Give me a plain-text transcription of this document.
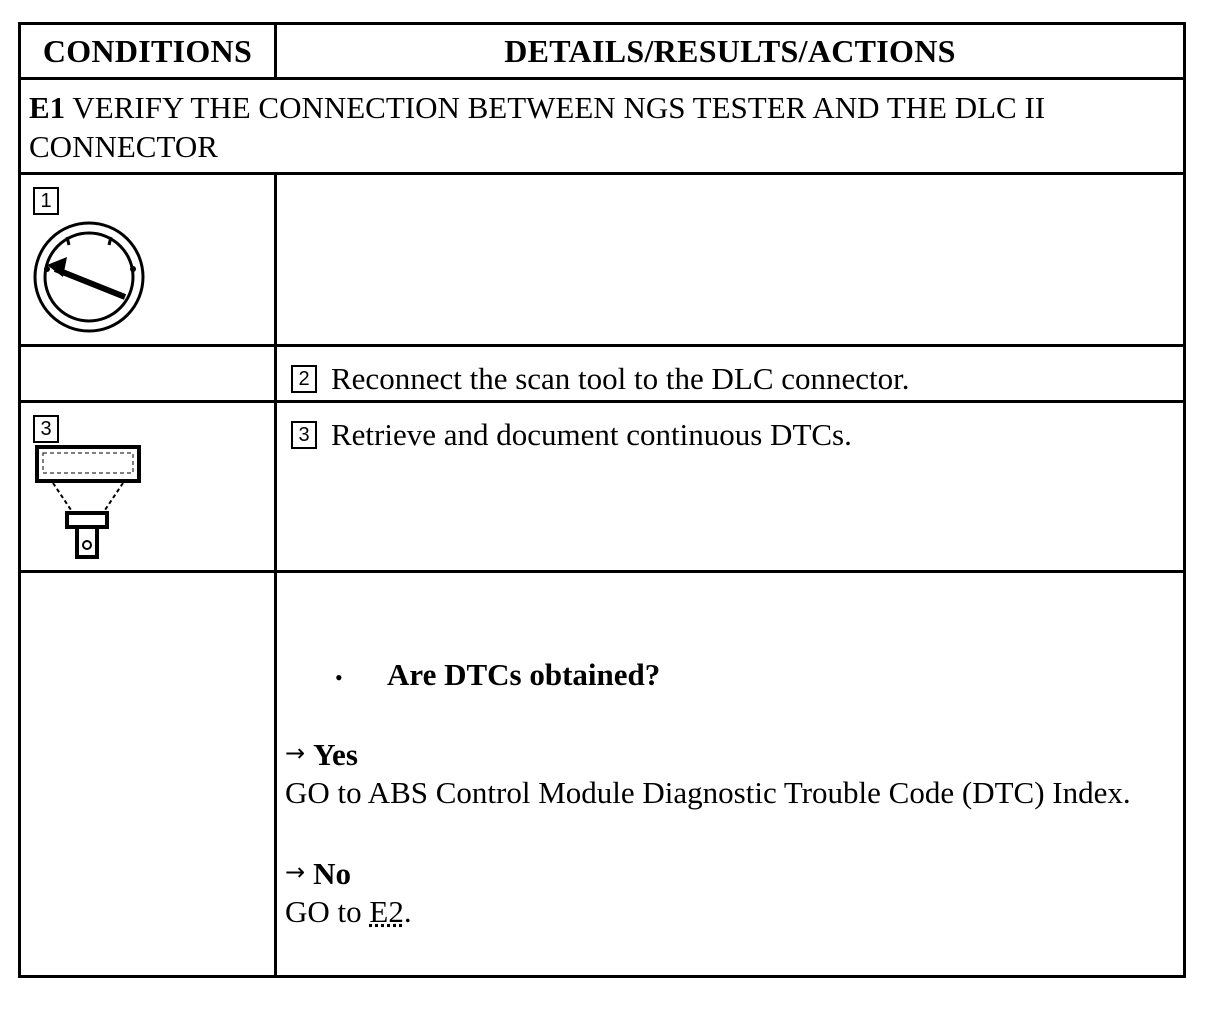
CONDITIONS	DETAILS/RESULTS/ACTIONS
E1 VERIFY THE CONNECTION BETWEEN NGS TESTER AND THE DLC II CONNECTOR	

1	

	2 Reconnect the scan tool to the DLC connector.

3	3 Retrieve and document continuous DTCs.

	• Are DTCs obtained?
→ Yes
GO to ABS Control Module Diagnostic Trouble Code (DTC) Index.
→ No
GO to E2.
